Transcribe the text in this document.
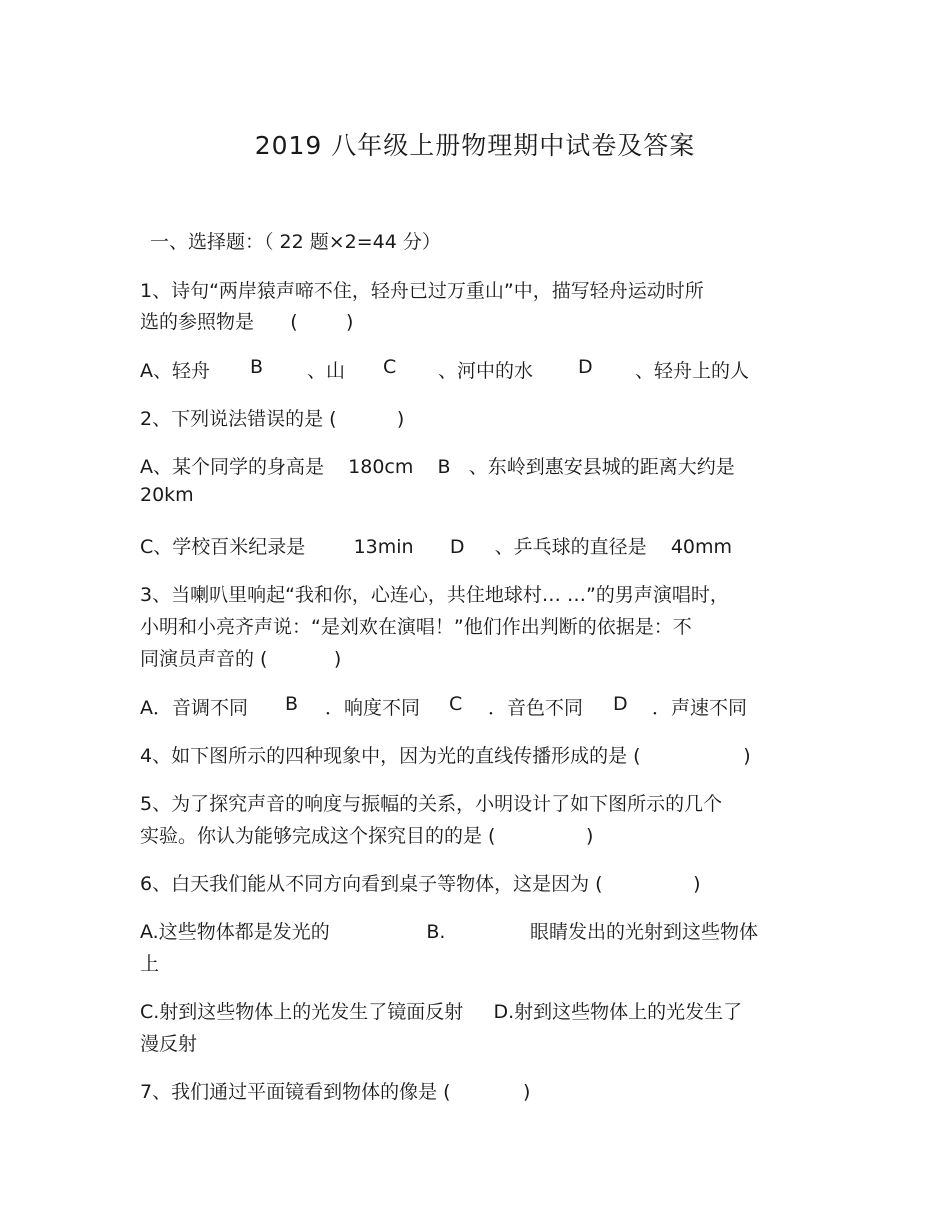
2019 八年级上册物理期中试卷及答案
一、选择题：（ 22 题×2=44 分）
1、诗句“两岸猿声啼不住，轻舟已过万重山”中，描写轻舟运动时所
选的参照物是      (        )
A、轻舟 B 、山 C 、河中的水 D 、轻舟上的人
2、下列说法错误的是 (          )
A、某个同学的身高是    180cm    B   、东岭到惠安县城的距离大约是
20km
C、学校百米纪录是        13min      D     、乒乓球的直径是    40mm
3、当喇叭里响起“我和你，心连心，共住地球村… …”的男声演唱时，
小明和小亮齐声说：“是刘欢在演唱！”他们作出判断的依据是：不
同演员声音的 (           )
A．音调不同 B ．响度不同 C ．音色不同 D ．声速不同
4、如下图所示的四种现象中，因为光的直线传播形成的是 (                 )
5、为了探究声音的响度与振幅的关系，小明设计了如下图所示的几个
实验。你认为能够完成这个探究目的的是 (               )
6、白天我们能从不同方向看到桌子等物体，这是因为 (               )
A.这些物体都是发光的                B.              眼睛发出的光射到这些物体
上
C.射到这些物体上的光发生了镜面反射     D.射到这些物体上的光发生了
漫反射
7、我们通过平面镜看到物体的像是 (            )
